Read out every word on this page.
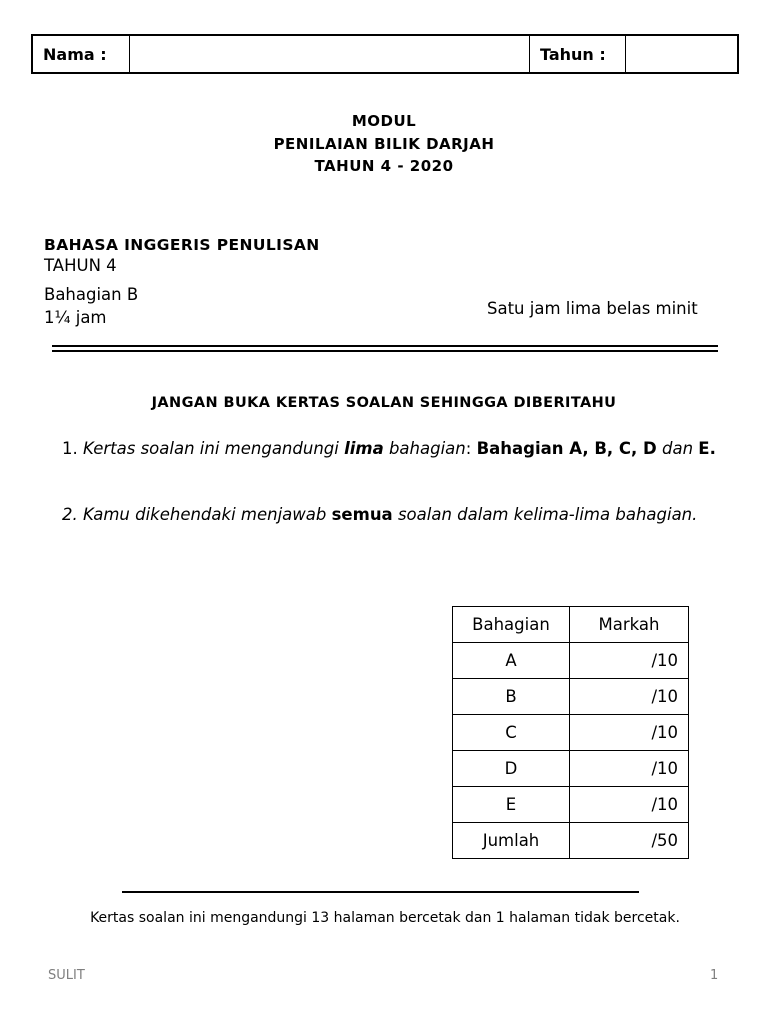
Nama :	Tahun :
MODUL
PENILAIAN BILIK DARJAH
TAHUN 4 - 2020
BAHASA INGGERIS PENULISAN
TAHUN 4
Bahagian B
1¼ jam	Satu jam lima belas minit
JANGAN BUKA KERTAS SOALAN SEHINGGA DIBERITAHU
1. Kertas soalan ini mengandungi lima bahagian: Bahagian A, B, C, D dan E.
2. Kamu dikehendaki menjawab semua soalan dalam kelima-lima bahagian.
Bahagian	Markah
A	/10
B	/10
C	/10
D	/10
E	/10
Jumlah	/50
Kertas soalan ini mengandungi 13 halaman bercetak dan 1 halaman tidak bercetak.
SULIT	1
